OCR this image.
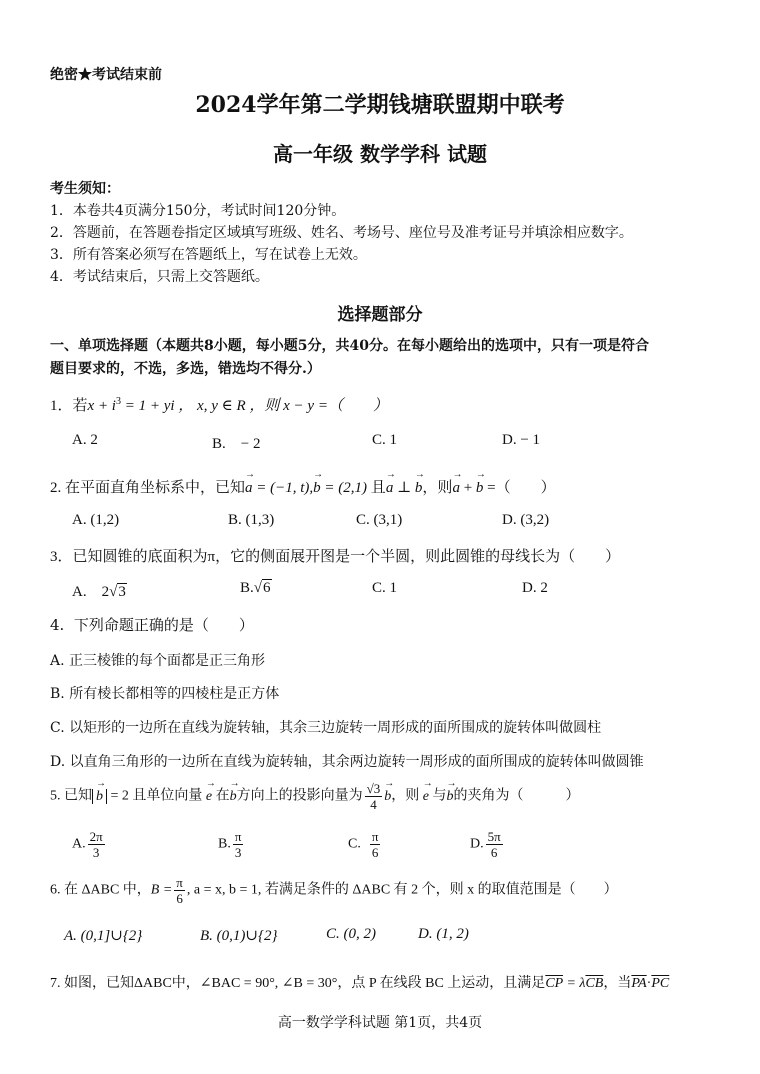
绝密★考试结束前
2024学年第二学期钱塘联盟期中联考
高一年级 数学学科 试题
考生须知：
1．本卷共4页满分150分，考试时间120分钟。
2．答题前，在答题卷指定区域填写班级、姓名、考场号、座位号及准考证号并填涂相应数字。
3．所有答案必须写在答题纸上，写在试卷上无效。
4．考试结束后，只需上交答题纸。
选择题部分
一、单项选择题（本题共8小题，每小题5分，共40分。在每小题给出的选项中，只有一项是符合
题目要求的，不选，多选，错选均不得分.）
1．若$x + i^3 = 1$ + yi ， x, y ∈ R ，则 x − y =（　　）
A. 2	B.　− 2	C. 1	D. − 1
2. 在平面直角坐标系中，已知→ a = (−1, t),→ b = (2,1) 且→ a ⊥ → b，则→ a + → b =（　　）
A. (1,2)	B. (1,3)	C. (3,1)	D. (3,2)
3．已知圆锥的底面积为π，它的侧面展开图是一个半圆，则此圆锥的母线长为（　　）
A.　2√3	B.√6	C. 1	D. 2
4. 下列命题正确的是（　　）
A. 正三棱锥的每个面都是正三角形
B. 所有棱长都相等的四棱柱是正方体
C. 以矩形的一边所在直线为旋转轴，其余三边旋转一周形成的面所围成的旋转体叫做圆柱
D. 以直角三角形的一边所在直线为旋转轴，其余两边旋转一周形成的面所围成的旋转体叫做圆锥
5. 已知 → b = 2 且单位向量 → e 在→ b方向上的投影向量为 $\frac{√3}{4} \to b$，则 → e 与→ b的夹角为（　　　）
A. $\frac{2\pi}{3}$	B. $\frac{\pi}{3}$	C. $\frac{\pi}{6}$	D. $\frac{5\pi}{6}$
6. 在 ΔABC 中，$B = \frac{\pi}{6}$ , a = x, b = 1, 若满足条件的 ΔABC 有 2 个，则 x 的取值范围是（　　）
A. (0,1]∪{2}	B. (0,1)∪{2}	C. (0, 2)	D. (1, 2)
7. 如图，已知ΔABC中，∠BAC = 90°, ∠B = 30°，点 P 在线段 BC 上运动，且满足$\overline{CP} = \lambda\overline{CB}$，当$\overline{PA}\cdot\overline{PC}$
高一数学学科试题 第1页，共4页
